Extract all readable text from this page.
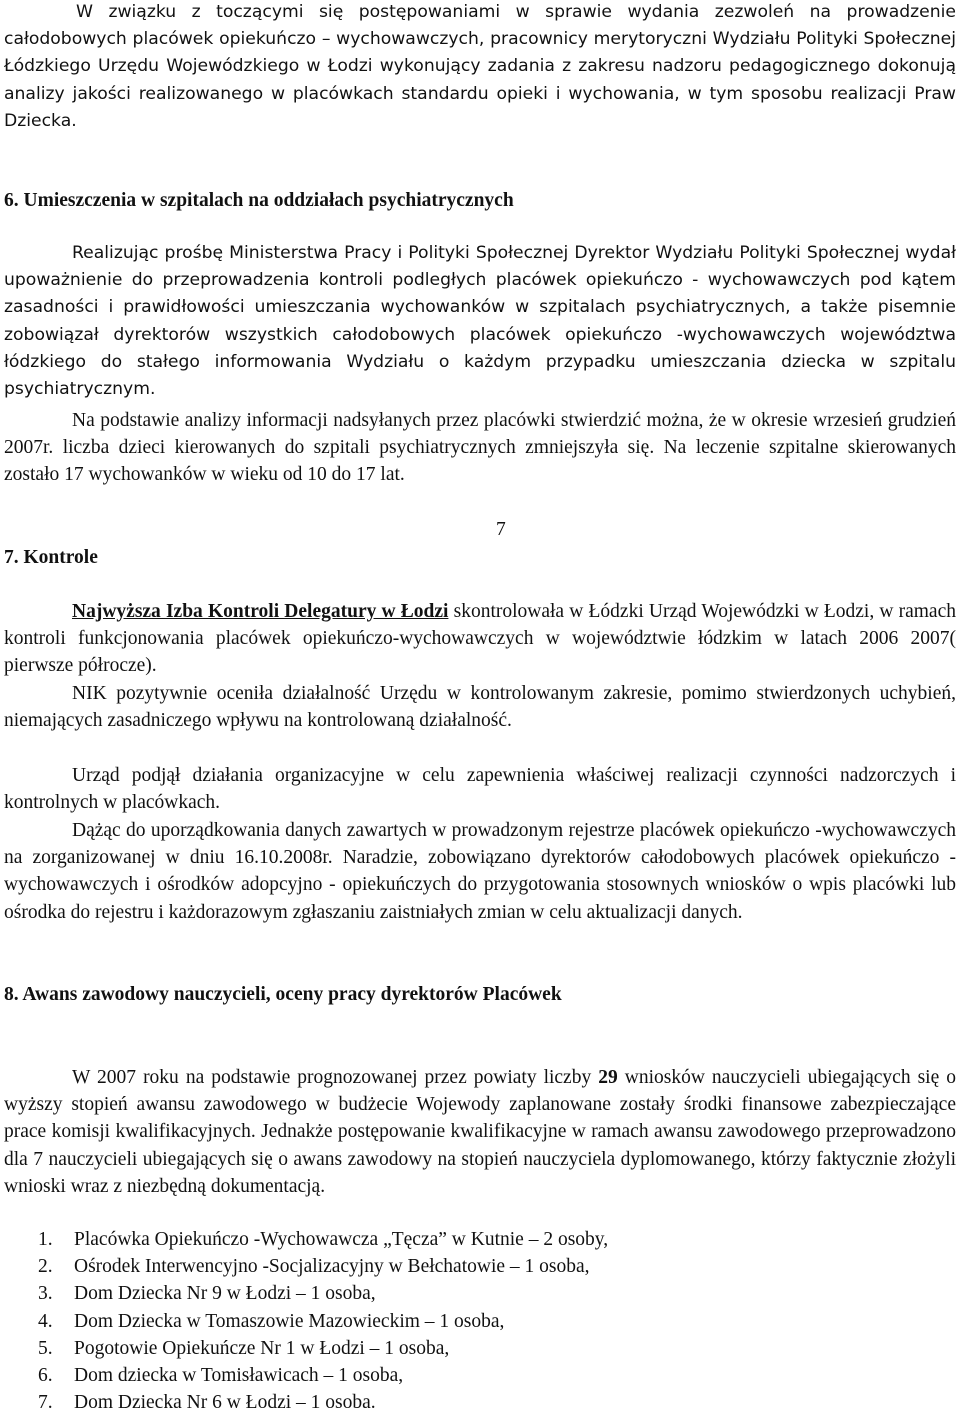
W związku z toczącymi się postępowaniami w sprawie wydania zezwoleń na prowadzenie całodobowych placówek opiekuńczo – wychowawczych, pracownicy merytoryczni Wydziału Polityki Społecznej Łódzkiego Urzędu Wojewódzkiego w Łodzi wykonujący zadania z zakresu nadzoru pedagogicznego dokonują analizy jakości realizowanego w placówkach standardu opieki i wychowania, w tym sposobu realizacji Praw Dziecka.
6. Umieszczenia w szpitalach na oddziałach psychiatrycznych
Realizując prośbę Ministerstwa Pracy i Polityki Społecznej Dyrektor Wydziału Polityki Społecznej wydał upoważnienie do przeprowadzenia kontroli podległych placówek opiekuńczo - wychowawczych pod kątem zasadności i prawidłowości umieszczania wychowanków w szpitalach psychiatrycznych, a także pisemnie zobowiązał dyrektorów wszystkich całodobowych placówek opiekuńczo -wychowawczych województwa łódzkiego do stałego informowania Wydziału o każdym przypadku umieszczania dziecka w szpitalu psychiatrycznym.
Na podstawie analizy informacji nadsyłanych przez placówki stwierdzić można, że w okresie wrzesień grudzień 2007r. liczba dzieci kierowanych do szpitali psychiatrycznych zmniejszyła się. Na leczenie szpitalne skierowanych zostało 17 wychowanków w wieku od 10 do 17 lat.
7
7. Kontrole
Najwyższa Izba Kontroli Delegatury w Łodzi skontrolowała w Łódzki Urząd Wojewódzki w Łodzi, w ramach kontroli funkcjonowania placówek opiekuńczo-wychowawczych w województwie łódzkim w latach 2006 2007( pierwsze półrocze).
NIK pozytywnie oceniła działalność Urzędu w kontrolowanym zakresie, pomimo stwierdzonych uchybień, niemających zasadniczego wpływu na kontrolowaną działalność.
Urząd podjął działania organizacyjne w celu zapewnienia właściwej realizacji czynności nadzorczych i kontrolnych w placówkach.
Dążąc do uporządkowania danych zawartych w prowadzonym rejestrze placówek opiekuńczo -wychowawczych na zorganizowanej w dniu 16.10.2008r. Naradzie, zobowiązano dyrektorów całodobowych placówek opiekuńczo -wychowawczych i ośrodków adopcyjno - opiekuńczych do przygotowania stosownych wniosków o wpis placówki lub ośrodka do rejestru i każdorazowym zgłaszaniu zaistniałych zmian w celu aktualizacji danych.
8. Awans zawodowy nauczycieli, oceny pracy dyrektorów Placówek
W 2007 roku na podstawie prognozowanej przez powiaty liczby 29 wniosków nauczycieli ubiegających się o wyższy stopień awansu zawodowego w budżecie Wojewody zaplanowane zostały środki finansowe zabezpieczające prace komisji kwalifikacyjnych. Jednakże postępowanie kwalifikacyjne w ramach awansu zawodowego przeprowadzono dla 7 nauczycieli ubiegających się o awans zawodowy na stopień nauczyciela dyplomowanego, którzy faktycznie złożyli wnioski wraz z niezbędną dokumentacją.
1. Placówka Opiekuńczo -Wychowawcza „Tęcza” w Kutnie – 2 osoby,
2. Ośrodek Interwencyjno -Socjalizacyjny w Bełchatowie – 1 osoba,
3. Dom Dziecka Nr 9 w Łodzi – 1 osoba,
4. Dom Dziecka w Tomaszowie Mazowieckim – 1 osoba,
5. Pogotowie Opiekuńcze Nr 1 w Łodzi – 1 osoba,
6. Dom dziecka w Tomisławicach – 1 osoba,
7. Dom Dziecka Nr 6 w Łodzi – 1 osoba.
